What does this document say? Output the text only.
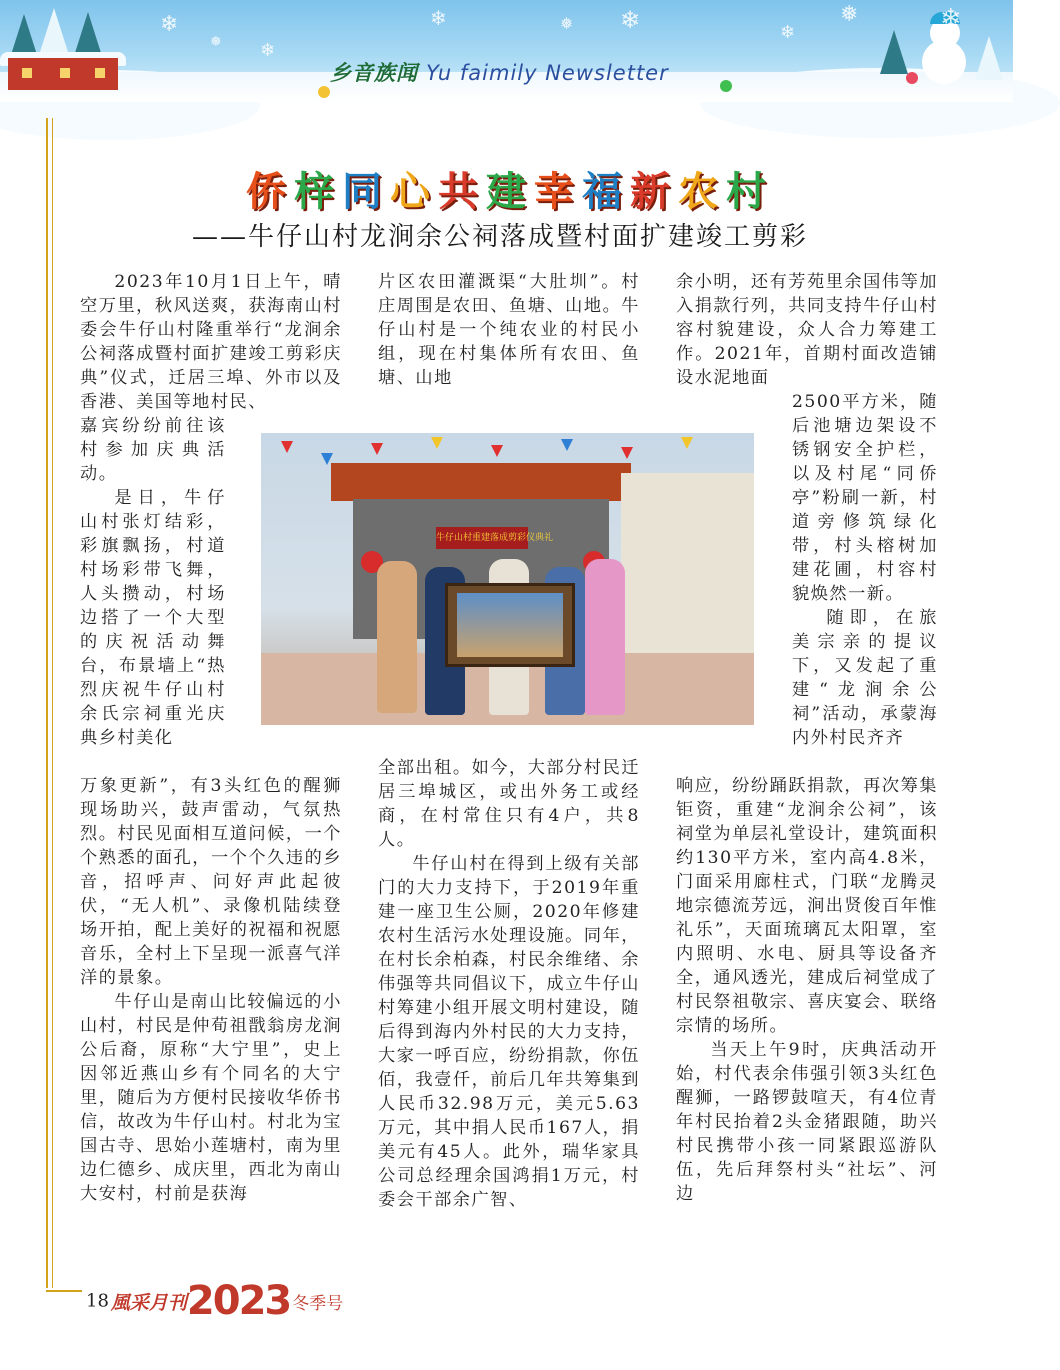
❄
❄
❅
❄	❅ ❄	❄
❅	❄
乡音族闻 Yu faimily Newsletter
侨梓同心共建幸福新农村
——牛仔山村龙涧余公祠落成暨村面扩建竣工剪彩

2023年10月1日上午，晴空万里，秋风送爽，获海南山村委会牛仔山村隆重举行“龙涧余公祠落成暨村面扩建竣工剪彩庆典”仪式，迁居三埠、外市以及香港、美国等地村民、

嘉宾纷纷前往该村参加庆典活动。

是日，牛仔山村张灯结彩，彩旗飘扬，村道村场彩带飞舞，人头攒动，村场边搭了一个大型的庆祝活动舞台，布景墙上“热烈庆祝牛仔山村余氏宗祠重光庆典乡村美化

万象更新”，有3头红色的醒狮现场助兴，鼓声雷动，气氛热烈。村民见面相互道问候，一个个熟悉的面孔，一个个久违的乡音，招呼声、问好声此起彼伏，“无人机”、录像机陆续登场开拍，配上美好的祝福和祝愿音乐，全村上下呈现一派喜气洋洋的景象。

牛仔山是南山比较偏远的小山村，村民是仲荀祖戬翁房龙涧公后裔，原称“大宁里”，史上因邻近燕山乡有个同名的大宁里，随后为方便村民接收华侨书信，故改为牛仔山村。村北为宝国古寺、思始小莲塘村，南为里边仁德乡、成庆里，西北为南山大安村，村前是获海

片区农田灌溉渠“大肚圳”。村庄周围是农田、鱼塘、山地。牛仔山村是一个纯农业的村民小组，现在村集体所有农田、鱼塘、山地

全部出租。如今，大部分村民迁居三埠城区，或出外务工或经商，在村常住只有4户，共8人。

牛仔山村在得到上级有关部门的大力支持下，于2019年重建一座卫生公厕，2020年修建农村生活污水处理设施。同年，在村长余柏森，村民余维绪、余伟强等共同倡议下，成立牛仔山村筹建小组开展文明村建设，随后得到海内外村民的大力支持，大家一呼百应，纷纷捐款，你伍佰，我壹仟，前后几年共筹集到人民币32.98万元，美元5.63万元，其中捐人民币167人，捐美元有45人。此外，瑞华家具公司总经理余国鸿捐1万元，村委会干部余广智、

余小明，还有芳苑里余国伟等加入捐款行列，共同支持牛仔山村容村貌建设，众人合力筹建工作。2021年，首期村面改造铺设水泥地面

2500平方米，随后池塘边架设不锈钢安全护栏，以及村尾“同侨亭”粉刷一新，村道旁修筑绿化带，村头榕树加建花圃，村容村貌焕然一新。

随即，在旅美宗亲的提议下，又发起了重建“龙涧余公祠”活动，承蒙海内外村民齐齐

响应，纷纷踊跃捐款，再次筹集钜资，重建“龙涧余公祠”，该祠堂为单层礼堂设计，建筑面积约130平方米，室内高4.8米，门面采用廊柱式，门联“龙腾灵地宗德流芳远，涧出贤俊百年惟礼乐”，天面琉璃瓦太阳罩，室内照明、水电、厨具等设备齐全，通风透光，建成后祠堂成了村民祭祖敬宗、喜庆宴会、联络宗情的场所。

当天上午9时，庆典活动开始，村代表余伟强引领3头红色醒狮，一路锣鼓喧天，有4位青年村民抬着2头金猪跟随，助兴村民携带小孩一同紧跟巡游队伍，先后拜祭村头“社坛”、河边

牛仔山村重建落成剪彩仪典礼
18 風采月刊2023 冬季号
